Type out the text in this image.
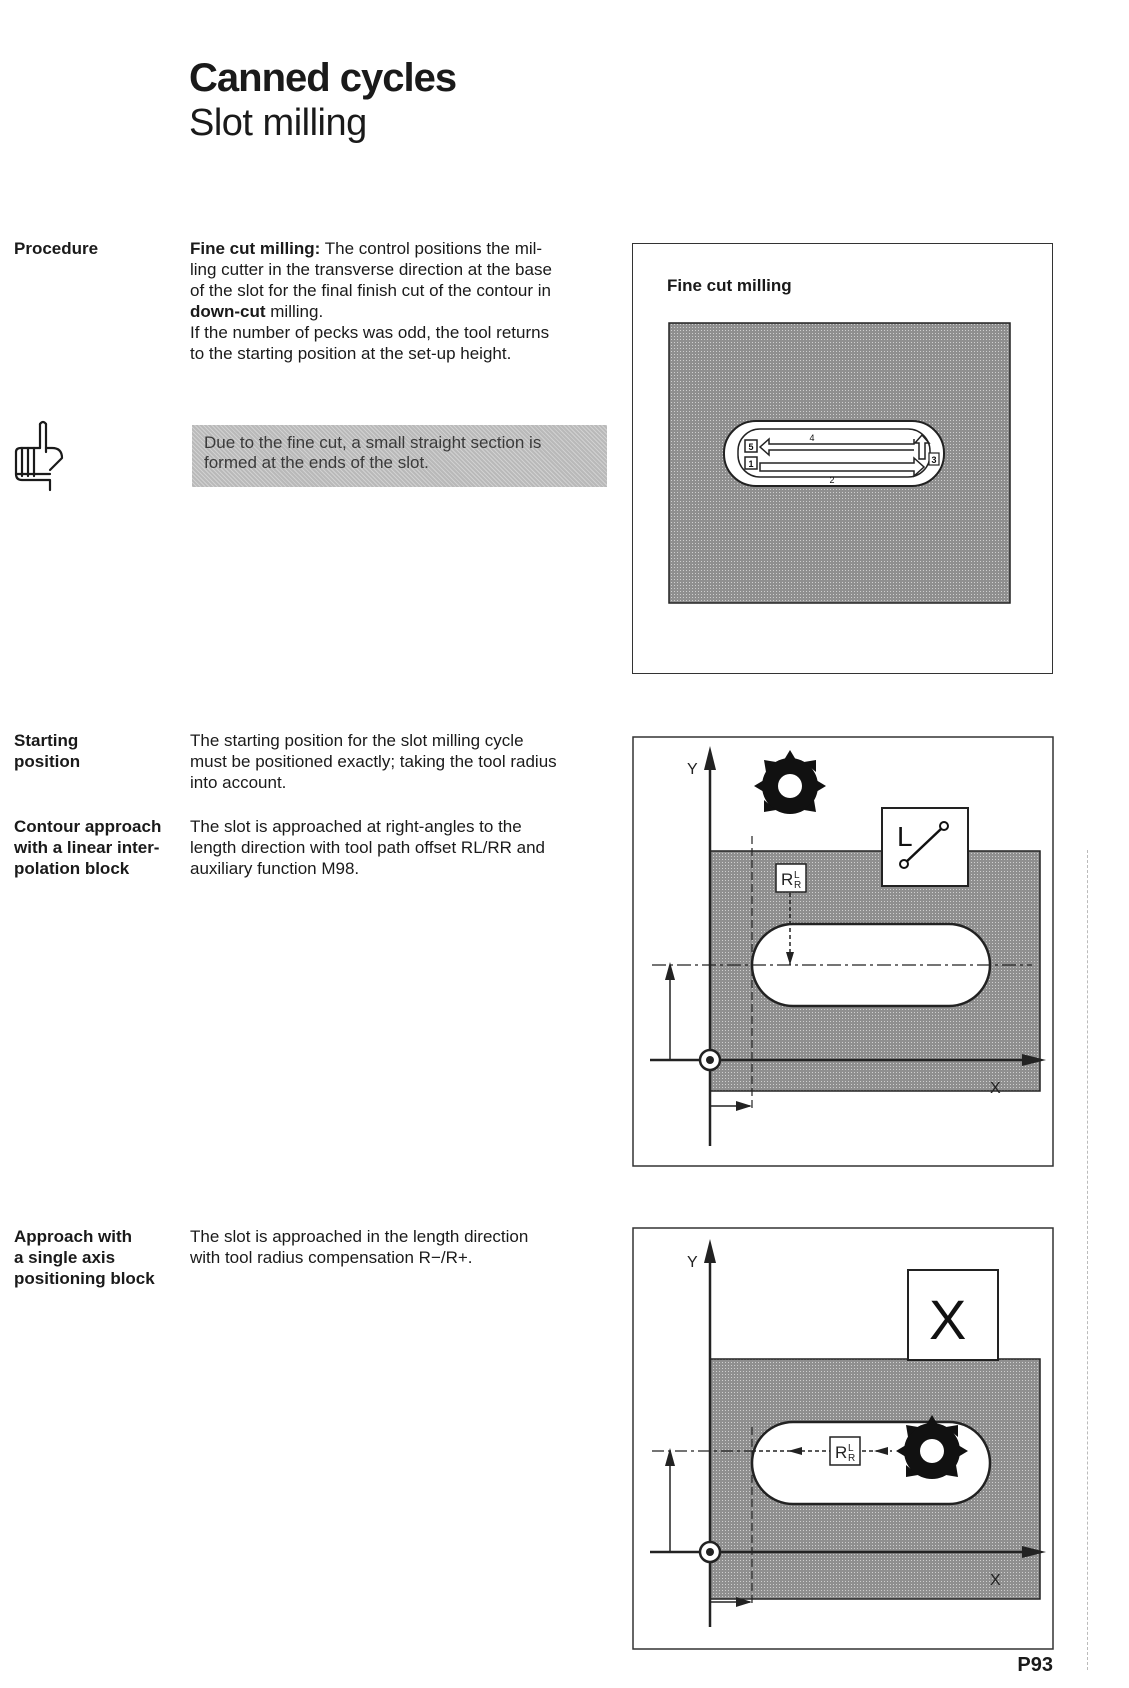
Canned cycles
Slot milling
Procedure	Fine cut milling: The control positions the mil-
ling cutter in the transverse direction at the base
of the slot for the final finish cut of the contour in
down-cut milling.
If the number of pecks was odd, the tool returns
to the starting position at the set-up height.
Due to the fine cut, a small straight section is
formed at the ends of the slot.
Fine cut milling
5
4
3
1
2
Starting
position
The starting position for the slot milling cycle
must be positioned exactly; taking the tool radius
into account.
Contour approach
with a linear inter-
polation block
The slot is approached at right-angles to the
length direction with tool path offset RL/RR and
auxiliary function M98.
Y
X
R L
R
L
Approach with
a single axis
positioning block
The slot is approached in the length direction
with tool radius compensation R−/R+.	Y
X
R L
R
X
P93
